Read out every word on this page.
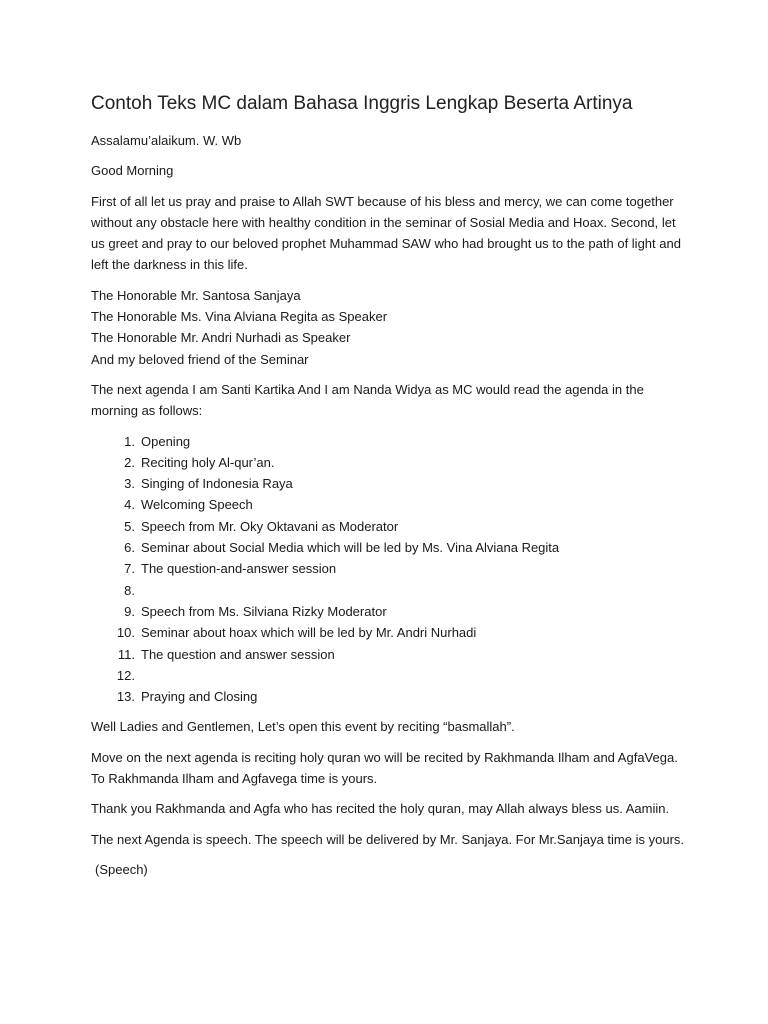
Contoh Teks MC dalam Bahasa Inggris Lengkap Beserta Artinya

Assalamu’alaikum. W. Wb

Good Morning

First of all let us pray and praise to Allah SWT because of his bless and mercy, we can come together without any obstacle here with healthy condition in the seminar of Sosial Media and Hoax. Second, let us greet and pray to our beloved prophet Muhammad SAW who had brought us to the path of light and left the darkness in this life.

The Honorable Mr. Santosa Sanjaya

The Honorable Ms. Vina Alviana Regita as Speaker

The Honorable Mr. Andri Nurhadi as Speaker

And my beloved friend of the Seminar

The next agenda I am Santi Kartika And I am Nanda Widya as MC would read the agenda in the morning as follows:

1. Opening
2. Reciting holy Al-qur’an.
3. Singing of Indonesia Raya
4. Welcoming Speech
5. Speech from Mr. Oky Oktavani as Moderator
6. Seminar about Social Media which will be led by Ms. Vina Alviana Regita
7. The question-and-answer session
8.
9. Speech from Ms. Silviana Rizky Moderator
10. Seminar about hoax which will be led by Mr. Andri Nurhadi
11. The question and answer session
12.
13. Praying and Closing

Well Ladies and Gentlemen, Let’s open this event by reciting “basmallah”.

Move on the next agenda is reciting holy quran wo will be recited by Rakhmanda Ilham and AgfaVega. To Rakhmanda Ilham and Agfavega time is yours.

Thank you Rakhmanda and Agfa who has recited the holy quran, may Allah always bless us. Aamiin.

The next Agenda is speech. The speech will be delivered by Mr. Sanjaya. For Mr.Sanjaya time is yours.

(Speech)
